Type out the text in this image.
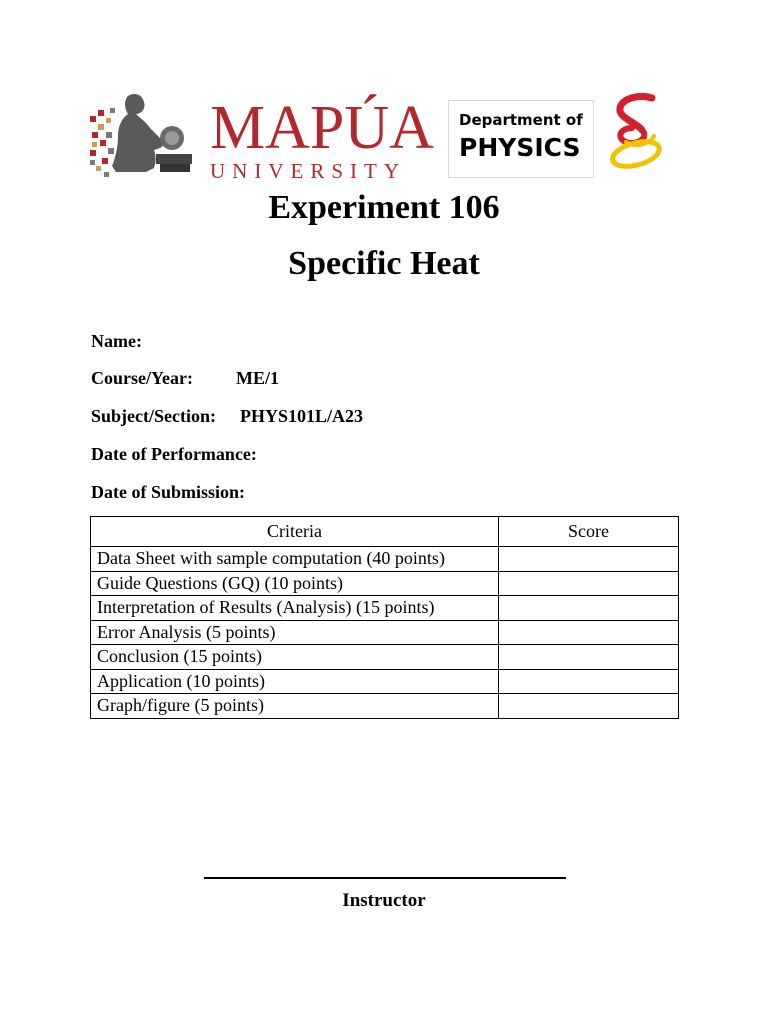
MAPÚA
UNIVERSITY
Department of
PHYSICS
Experiment 106
Specific Heat
Name:
Course/Year: ME/1
Subject/Section: PHYS101L/A23
Date of Performance:
Date of Submission:
Criteria	Score
Data Sheet with sample computation (40 points)	
Guide Questions (GQ) (10 points)	
Interpretation of Results (Analysis) (15 points)	
Error Analysis (5 points)	
Conclusion (15 points)	
Application (10 points)	
Graph/figure (5 points)	
Instructor
